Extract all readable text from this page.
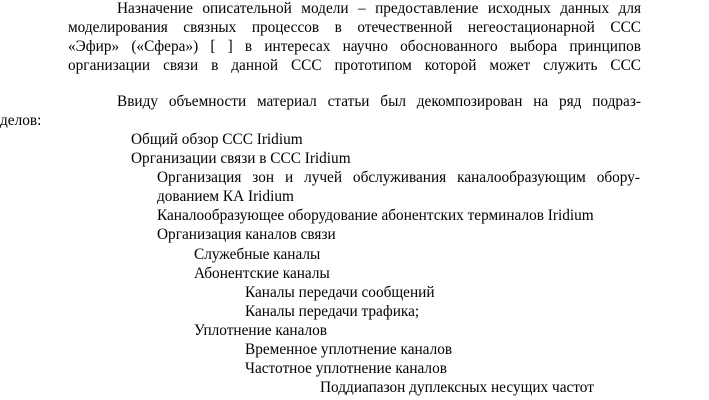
Назначение описательной модели – предоставление исходных данных для
моделирования связных процессов в отечественной негеостационарной ССС
«Эфир» («Сфера») [ ] в интересах научно обоснованного выбора принципов
организации связи в данной ССС прототипом которой может служить ССС
Ввиду объемности материал статьи был декомпозирован на ряд подраз-
делов:
Общий обзор ССС Iridium
Организации связи в ССС Iridium
Организация зон и лучей обслуживания каналообразующим обору-
дованием КА Iridium
Каналообразующее оборудование абонентских терминалов Iridium
Организация каналов связи
Служебные каналы
Абонентские каналы
Каналы передачи сообщений
Каналы передачи трафика;
Уплотнение каналов
Временное уплотнение каналов
Частотное уплотнение каналов
Поддиапазон дуплексных несущих частот
